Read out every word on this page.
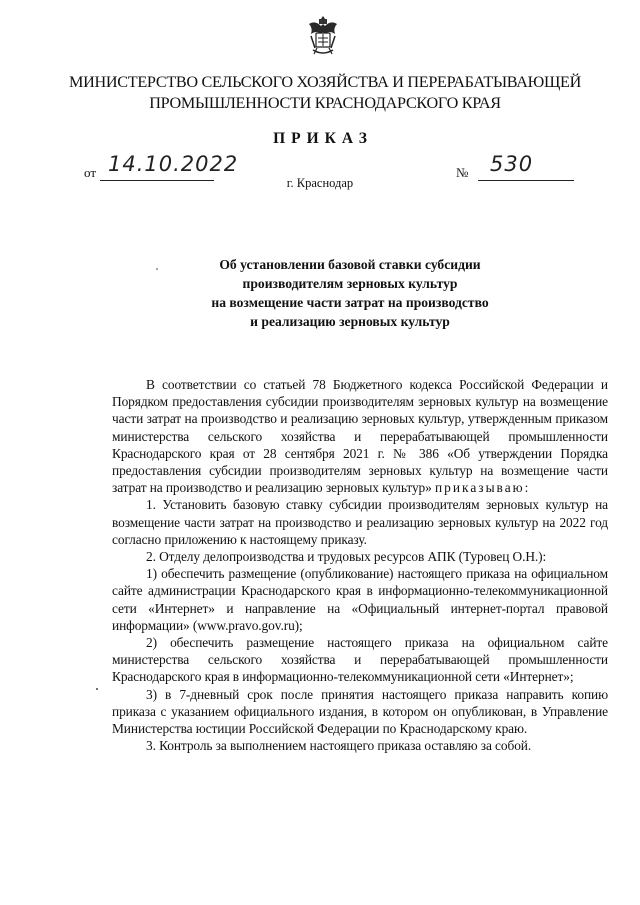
МИНИСТЕРСТВО СЕЛЬСКОГО ХОЗЯЙСТВА И ПЕРЕРАБАТЫВАЮЩЕЙ
ПРОМЫШЛЕННОСТИ КРАСНОДАРСКОГО КРАЯ
ПРИКАЗ
от 14.10.2022	№ 530
г. Краснодар
Об установлении базовой ставки субсидии
производителям зерновых культур
на возмещение части затрат на производство
и реализацию зерновых культур

В соответствии со статьей 78 Бюджетного кодекса Российской Федерации и Порядком предоставления субсидии производителям зерновых культур на возмещение части затрат на производство и реализацию зерновых культур, утвержденным приказом министерства сельского хозяйства и перерабатывающей промышленности Краснодарского края от 28 сентября 2021 г. № 386 «Об утверждении Порядка предоставления субсидии производителям зерновых культур на возмещение части затрат на производство и реализацию зерновых культур» приказываю:

1. Установить базовую ставку субсидии производителям зерновых культур на возмещение части затрат на производство и реализацию зерновых культур на 2022 год согласно приложению к настоящему приказу.

2. Отделу делопроизводства и трудовых ресурсов АПК (Туровец О.Н.):

1) обеспечить размещение (опубликование) настоящего приказа на официальном сайте администрации Краснодарского края в информационно-телекоммуникационной сети «Интернет» и направление на «Официальный интернет-портал правовой информации» (www.pravo.gov.ru);

2) обеспечить размещение настоящего приказа на официальном сайте министерства сельского хозяйства и перерабатывающей промышленности Краснодарского края в информационно-телекоммуникационной сети «Интернет»;

3) в 7-дневный срок после принятия настоящего приказа направить копию приказа с указанием официального издания, в котором он опубликован, в Управление Министерства юстиции Российской Федерации по Краснодарскому краю.

3. Контроль за выполнением настоящего приказа оставляю за собой.
